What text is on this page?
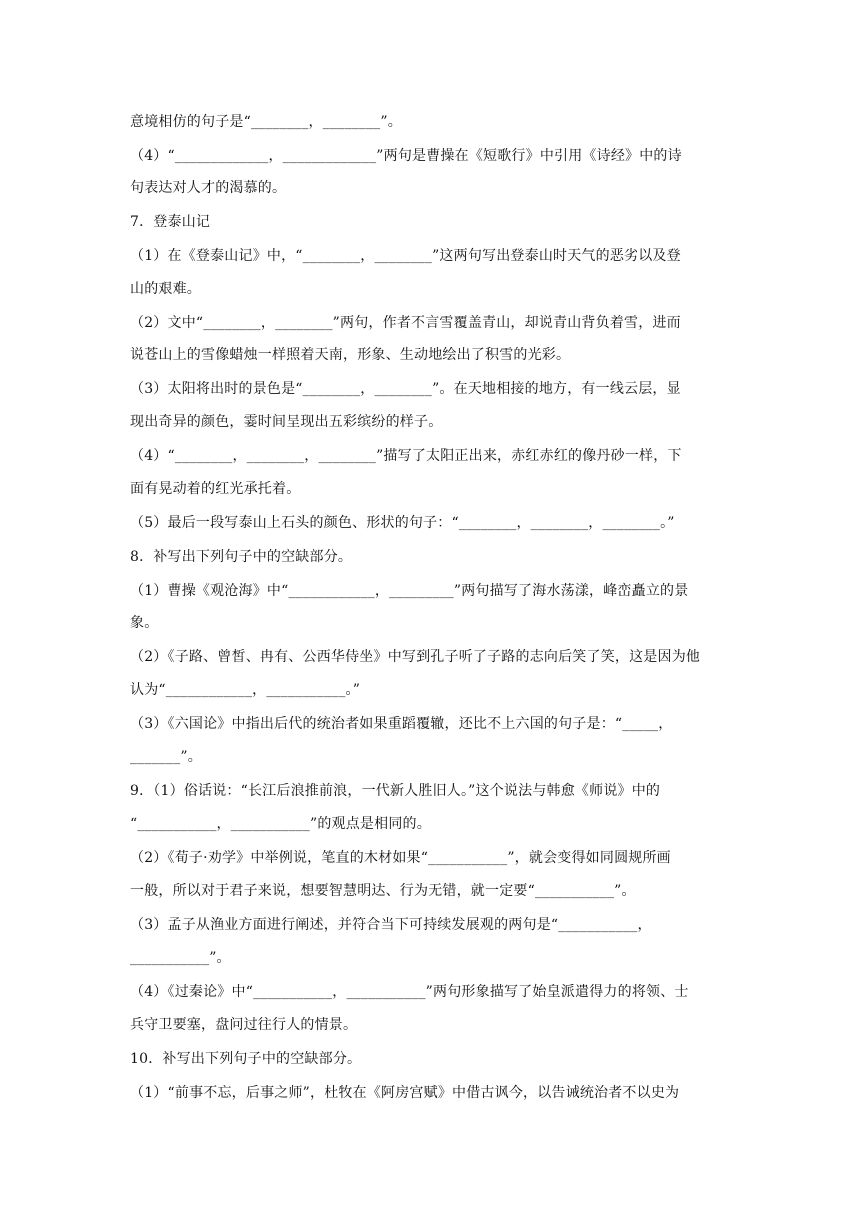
意境相仿的句子是“________，________”。
（4）“_____________，_____________”两句是曹操在《短歌行》中引用《诗经》中的诗
句表达对人才的渴慕的。
7．登泰山记
（1）在《登泰山记》中，“________，________”这两句写出登泰山时天气的恶劣以及登
山的艰难。
（2）文中“________，________”两句，作者不言雪覆盖青山，却说青山背负着雪，进而
说苍山上的雪像蜡烛一样照着天南，形象、生动地绘出了积雪的光彩。
（3）太阳将出时的景色是“________，________”。在天地相接的地方，有一线云层，显
现出奇异的颜色，霎时间呈现出五彩缤纷的样子。
（4）“________，________，________”描写了太阳正出来，赤红赤红的像丹砂一样，下
面有晃动着的红光承托着。
（5）最后一段写泰山上石头的颜色、形状的句子：“________，________，________。”
8．补写出下列句子中的空缺部分。
（1）曹操《观沧海》中“____________，_________”两句描写了海水荡漾，峰峦矗立的景
象。
（2）《子路、曾皙、冉有、公西华侍坐》中写到孔子听了子路的志向后笑了笑，这是因为他
认为“____________，___________。”
（3）《六国论》中指出后代的统治者如果重蹈覆辙，还比不上六国的句子是：“_____，
_______”。
9．（1）俗话说：“长江后浪推前浪，一代新人胜旧人。”这个说法与韩愈《师说》中的
“___________，___________”的观点是相同的。
（2）《荀子·劝学》中举例说，笔直的木材如果“___________”，就会变得如同圆规所画
一般，所以对于君子来说，想要智慧明达、行为无错，就一定要“___________”。
（3）孟子从渔业方面进行阐述，并符合当下可持续发展观的两句是“___________，
___________”。
（4）《过秦论》中“___________，___________”两句形象描写了始皇派遣得力的将领、士
兵守卫要塞，盘问过往行人的情景。
10．补写出下列句子中的空缺部分。
（1）“前事不忘，后事之师”，杜牧在《阿房宫赋》中借古讽今，以告诫统治者不以史为
